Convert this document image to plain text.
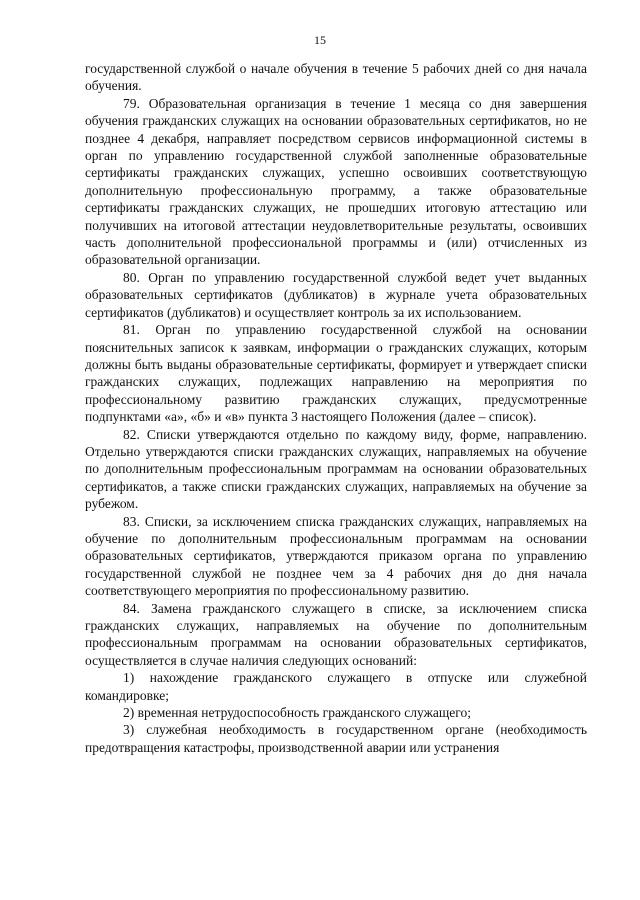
15

государственной службой о начале обучения в течение 5 рабочих дней со дня начала обучения.

79. Образовательная организация в течение 1 месяца со дня завершения обучения гражданских служащих на основании образовательных сертификатов, но не позднее 4 декабря, направляет посредством сервисов информационной системы в орган по управлению государственной службой заполненные образовательные сертификаты гражданских служащих, успешно освоивших соответствующую дополнительную профессиональную программу, а также образовательные сертификаты гражданских служащих, не прошедших итоговую аттестацию или получивших на итоговой аттестации неудовлетворительные результаты, освоивших часть дополнительной профессиональной программы и (или) отчисленных из образовательной организации.

80. Орган по управлению государственной службой ведет учет выданных образовательных сертификатов (дубликатов) в журнале учета образовательных сертификатов (дубликатов) и осуществляет контроль за их использованием.

81. Орган по управлению государственной службой на основании пояснительных записок к заявкам, информации о гражданских служащих, которым должны быть выданы образовательные сертификаты, формирует и утверждает списки гражданских служащих, подлежащих направлению на мероприятия по профессиональному развитию гражданских служащих, предусмотренные подпунктами «а», «б» и «в» пункта 3 настоящего Положения (далее – список).

82. Списки утверждаются отдельно по каждому виду, форме, направлению. Отдельно утверждаются списки гражданских служащих, направляемых на обучение по дополнительным профессиональным программам на основании образовательных сертификатов, а также списки гражданских служащих, направляемых на обучение за рубежом.

83. Списки, за исключением списка гражданских служащих, направляемых на обучение по дополнительным профессиональным программам на основании образовательных сертификатов, утверждаются приказом органа по управлению государственной службой не позднее чем за 4 рабочих дня до дня начала соответствующего мероприятия по профессиональному развитию.

84. Замена гражданского служащего в списке, за исключением списка гражданских служащих, направляемых на обучение по дополнительным профессиональным программам на основании образовательных сертификатов, осуществляется в случае наличия следующих оснований:

1) нахождение гражданского служащего в отпуске или служебной командировке;

2) временная нетрудоспособность гражданского служащего;

3) служебная необходимость в государственном органе (необходимость предотвращения катастрофы, производственной аварии или устранения
